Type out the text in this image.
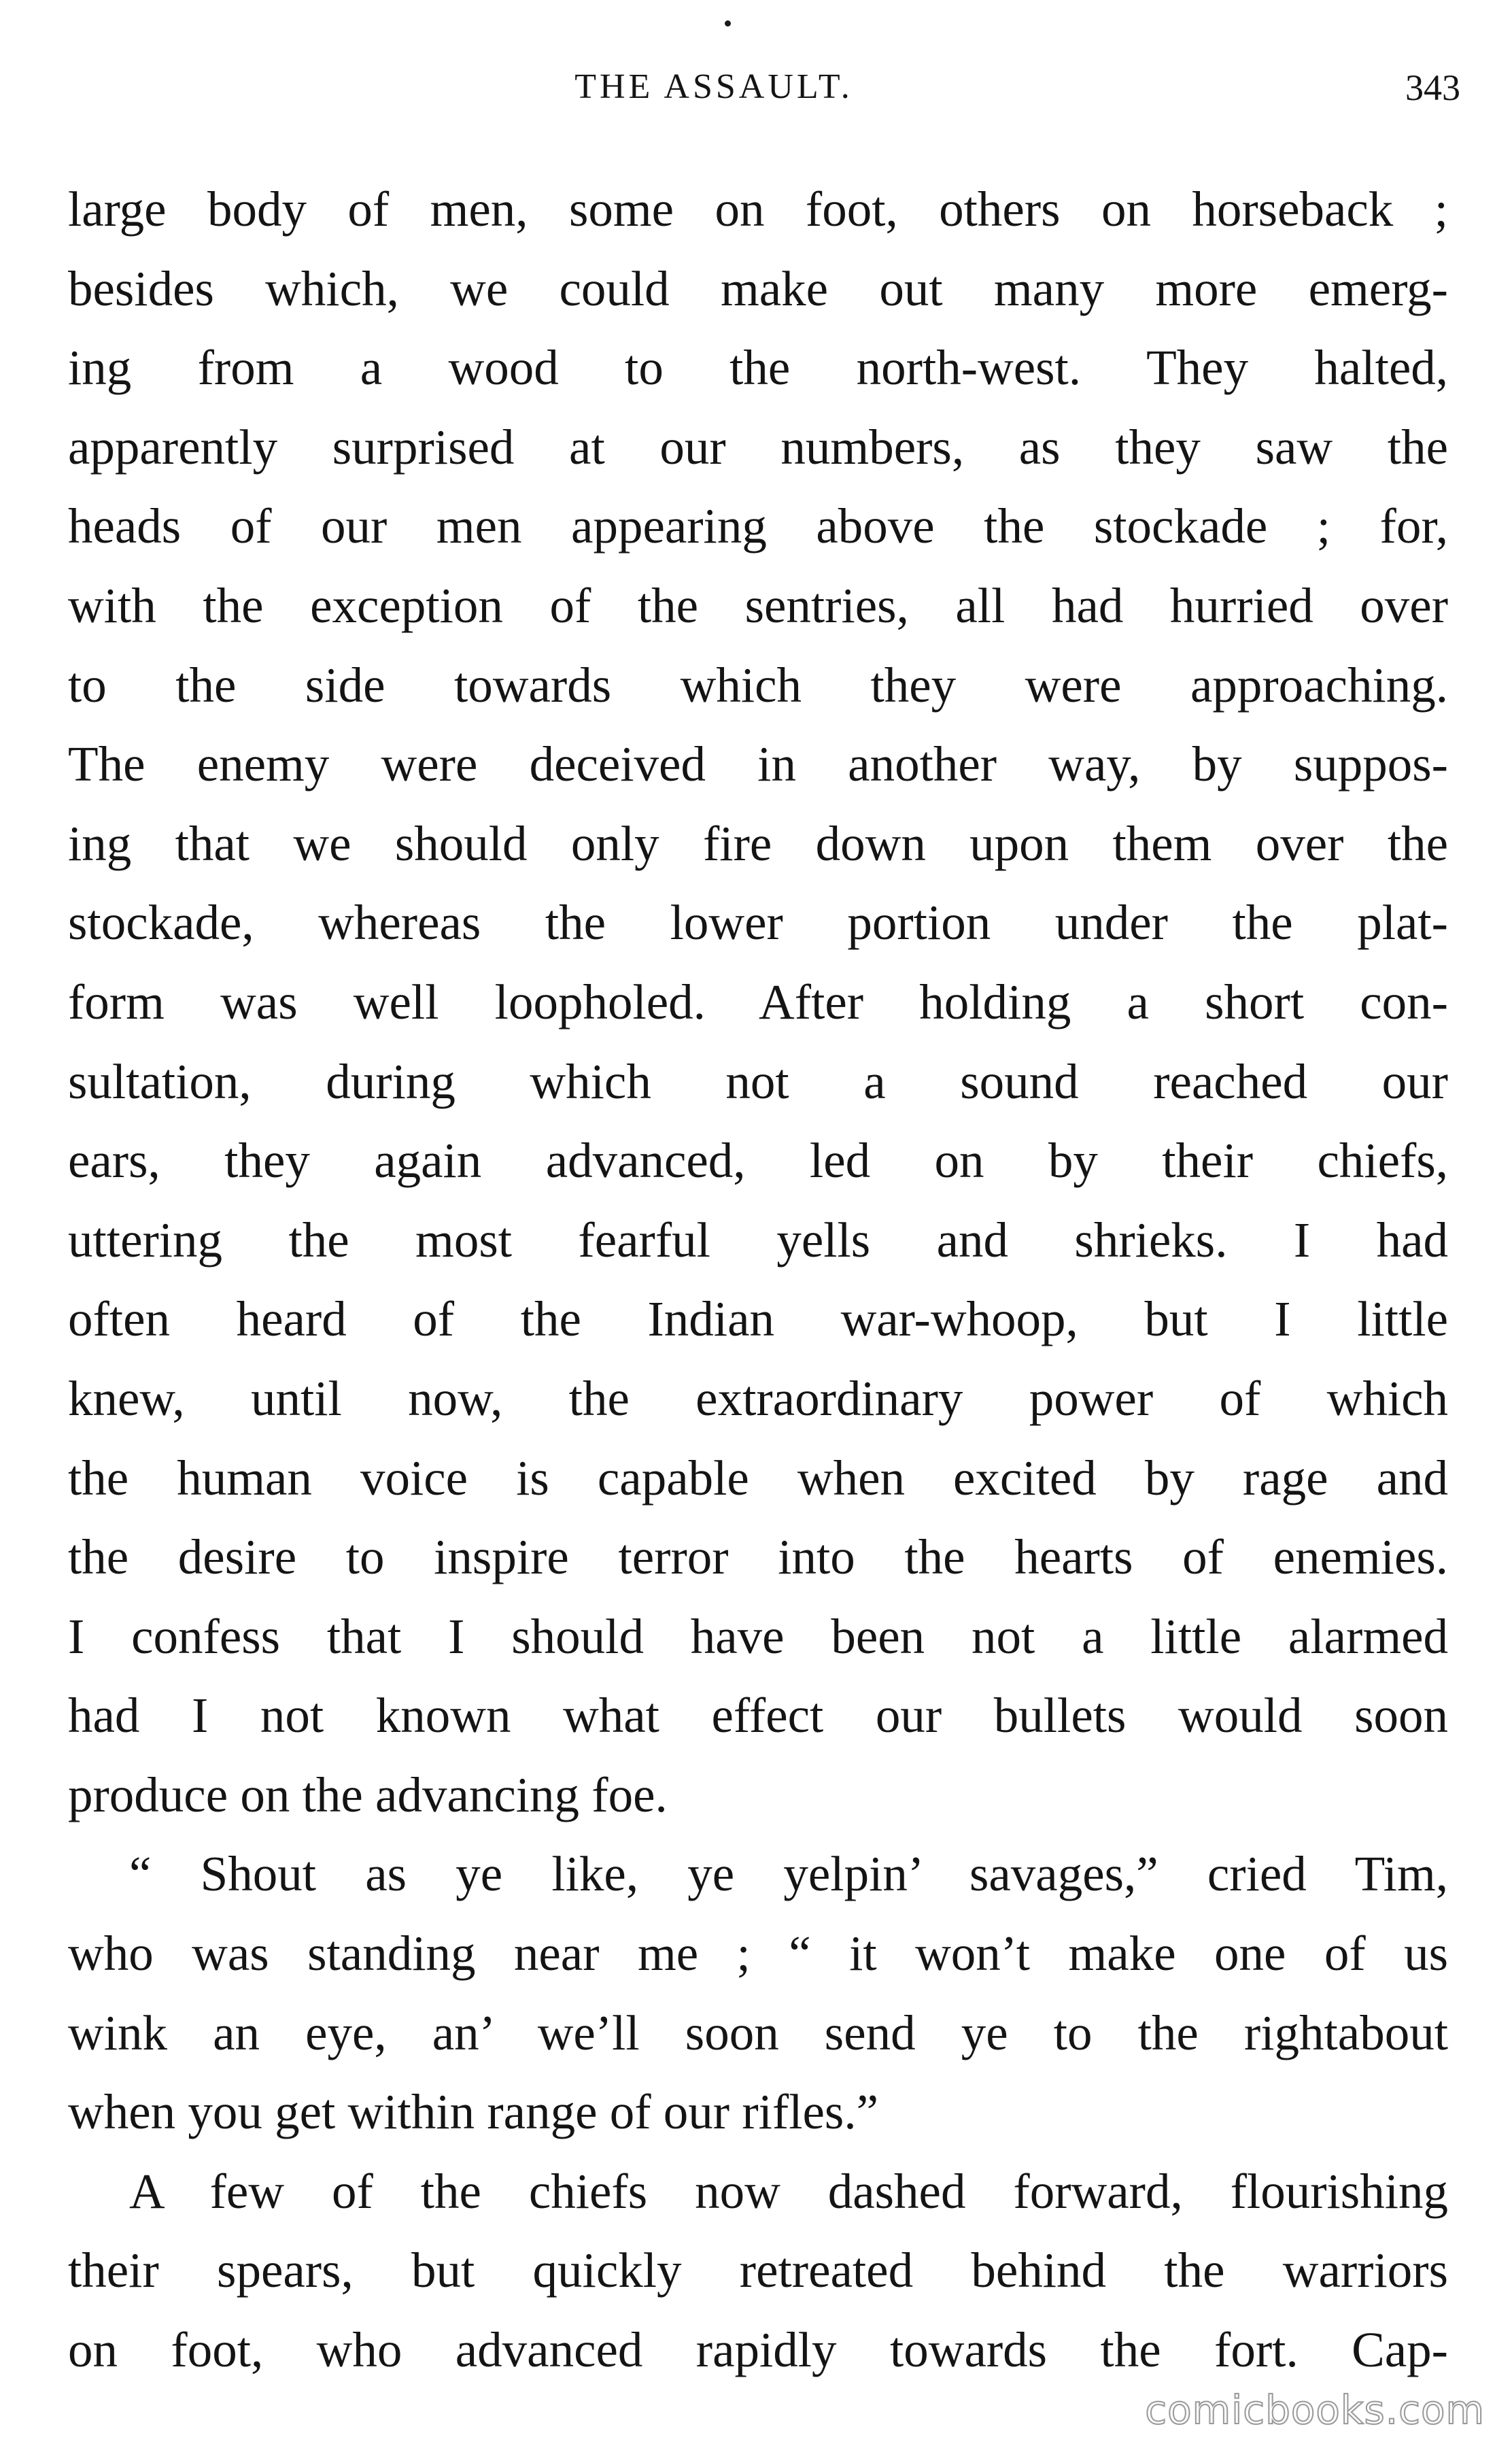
THE ASSAULT.	343
large body of men, some on foot, others on horseback ;
besides which, we could make out many more emerg-
ing from a wood to the north-west. They halted,
apparently surprised at our numbers, as they saw the
heads of our men appearing above the stockade ; for,
with the exception of the sentries, all had hurried over
to the side towards which they were approaching.
The enemy were deceived in another way, by suppos-
ing that we should only fire down upon them over the
stockade, whereas the lower portion under the plat-
form was well loopholed. After holding a short con-
sultation, during which not a sound reached our
ears, they again advanced, led on by their chiefs,
uttering the most fearful yells and shrieks. I had
often heard of the Indian war-whoop, but I little
knew, until now, the extraordinary power of which
the human voice is capable when excited by rage and
the desire to inspire terror into the hearts of enemies.
I confess that I should have been not a little alarmed
had I not known what effect our bullets would soon
produce on the advancing foe.
“ Shout as ye like, ye yelpin’ savages,” cried Tim,
who was standing near me ; “ it won’t make one of us
wink an eye, an’ we’ll soon send ye to the rightabout
when you get within range of our rifles.”
A few of the chiefs now dashed forward, flourishing
their spears, but quickly retreated behind the warriors
on foot, who advanced rapidly towards the fort. Cap-
comicbooks.com
